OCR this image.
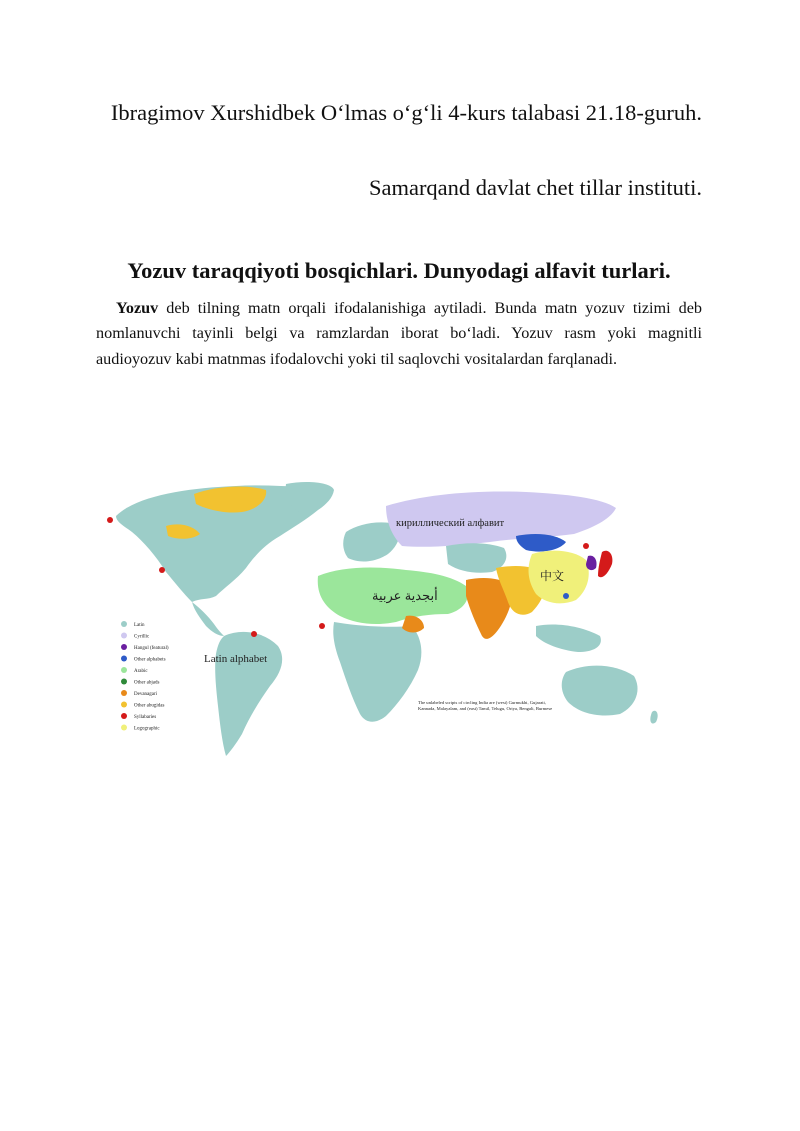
Ibragimov Xurshidbek O‘lmas o‘g‘li 4-kurs talabasi 21.18-guruh.
Samarqand davlat chet tillar instituti.
Yozuv taraqqiyoti bosqichlari. Dunyodagi alfavit turlari.
Yozuv deb tilning matn orqali ifodalanishiga aytiladi. Bunda matn yozuv tizimi deb nomlanuvchi tayinli belgi va ramzlardan iborat bo‘ladi. Yozuv rasm yoki magnitli audioyozuv kabi matnmas ifodalovchi yoki til saqlovchi vositalardan farqlanadi.
кириллический алфавит
Latin alphabet
أبجدية عربية
中文
Latin
Cyrillic
Hangul (featural)
Other alphabets
Arabic
Other abjads
Devanagari
Other abugidas
Syllabaries
Logographic
The unlabeled scripts of circling India are (west) Gurmukhi, Gujarati, Kannada, Malayalam, and (east) Tamil, Telugu, Oriya, Bengali, Burmese
